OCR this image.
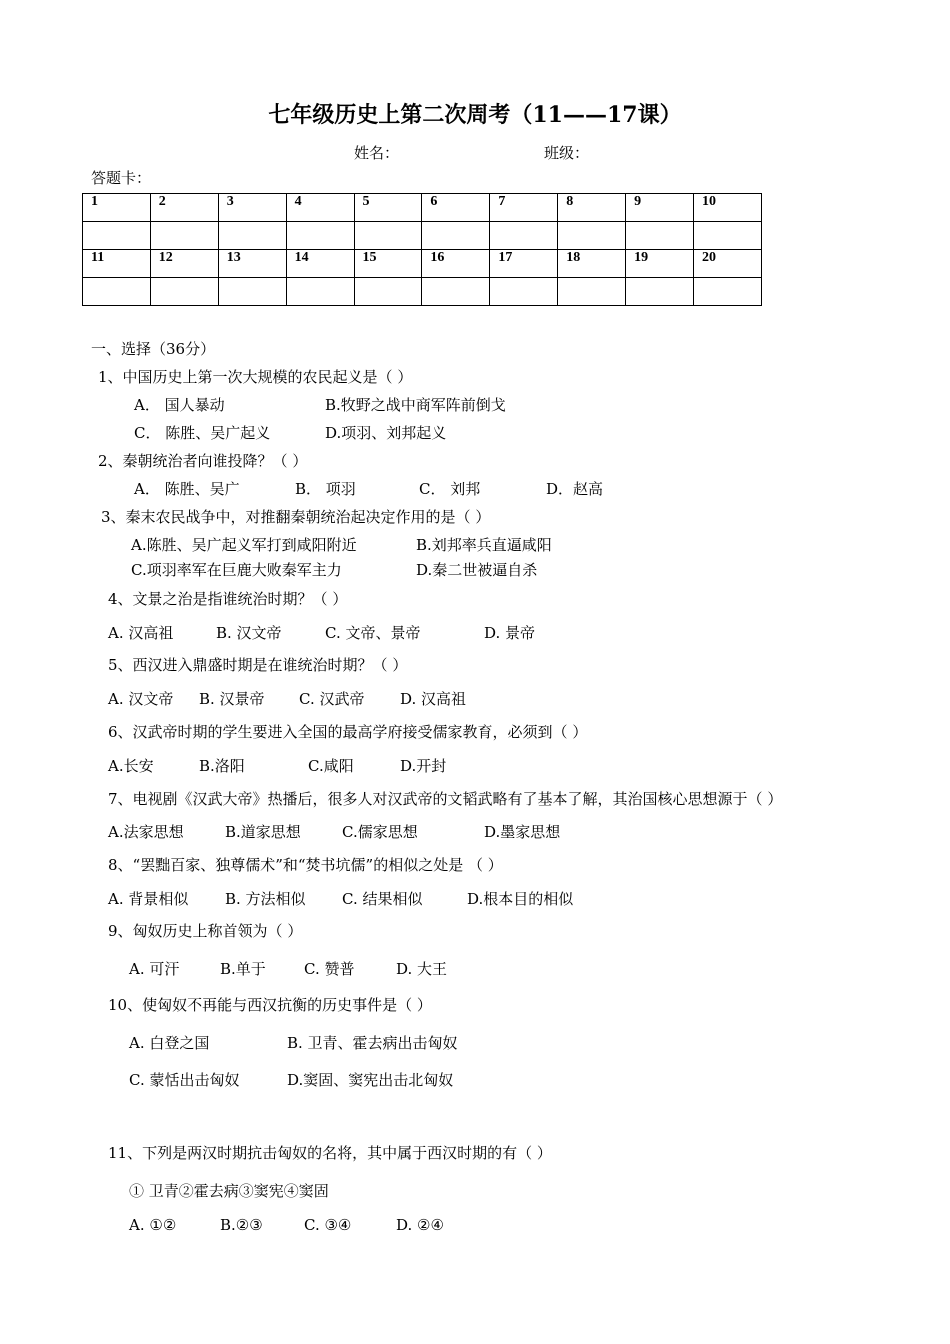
七年级历史上第二次周考（11——17课）
姓名：	班级：
答题卡：
1	2	3	4	5	6	7	8	9	10

11	12	13	14	15	16	17	18	19	20

一、选择（36分）
1、中国历史上第一次大规模的农民起义是（ ）
A． 国人暴动	B.牧野之战中商军阵前倒戈
C． 陈胜、吴广起义	D.项羽、刘邦起义
2、秦朝统治者向谁投降？（ ）
A． 陈胜、吴广	B． 项羽	C． 刘邦	D．赵高
3、秦末农民战争中，对推翻秦朝统治起决定作用的是（ ）
A.陈胜、吴广起义军打到咸阳附近	B.刘邦率兵直逼咸阳
C.项羽率军在巨鹿大败秦军主力	D.秦二世被逼自杀
4、文景之治是指谁统治时期？（ ）
A. 汉高祖	B. 汉文帝	C. 文帝、景帝	D. 景帝
5、西汉进入鼎盛时期是在谁统治时期？（ ）
A. 汉文帝 B. 汉景帝 C. 汉武帝 D. 汉高祖
6、汉武帝时期的学生要进入全国的最高学府接受儒家教育，必须到（ ）
A.长安	B.洛阳	C.咸阳	D.开封
7、电视剧《汉武大帝》热播后，很多人对汉武帝的文韬武略有了基本了解，其治国核心思想源于（ ）
A.法家思想	B.道家思想	C.儒家思想	D.墨家思想
8、“罢黜百家、独尊儒术”和“焚书坑儒”的相似之处是 （ ）
A. 背景相似 B. 方法相似 C. 结果相似	D.根本目的相似
9、匈奴历史上称首领为（ ）
A. 可汗	B.单于	C. 赞普	D. 大王
10、使匈奴不再能与西汉抗衡的历史事件是（ ）
A. 白登之国	B. 卫青、霍去病出击匈奴
C. 蒙恬出击匈奴	D.窦固、窦宪出击北匈奴
11、下列是两汉时期抗击匈奴的名将，其中属于西汉时期的有（ ）
① 卫青②霍去病③窦宪④窦固
A. ①②	B.②③	C. ③④	D. ②④
